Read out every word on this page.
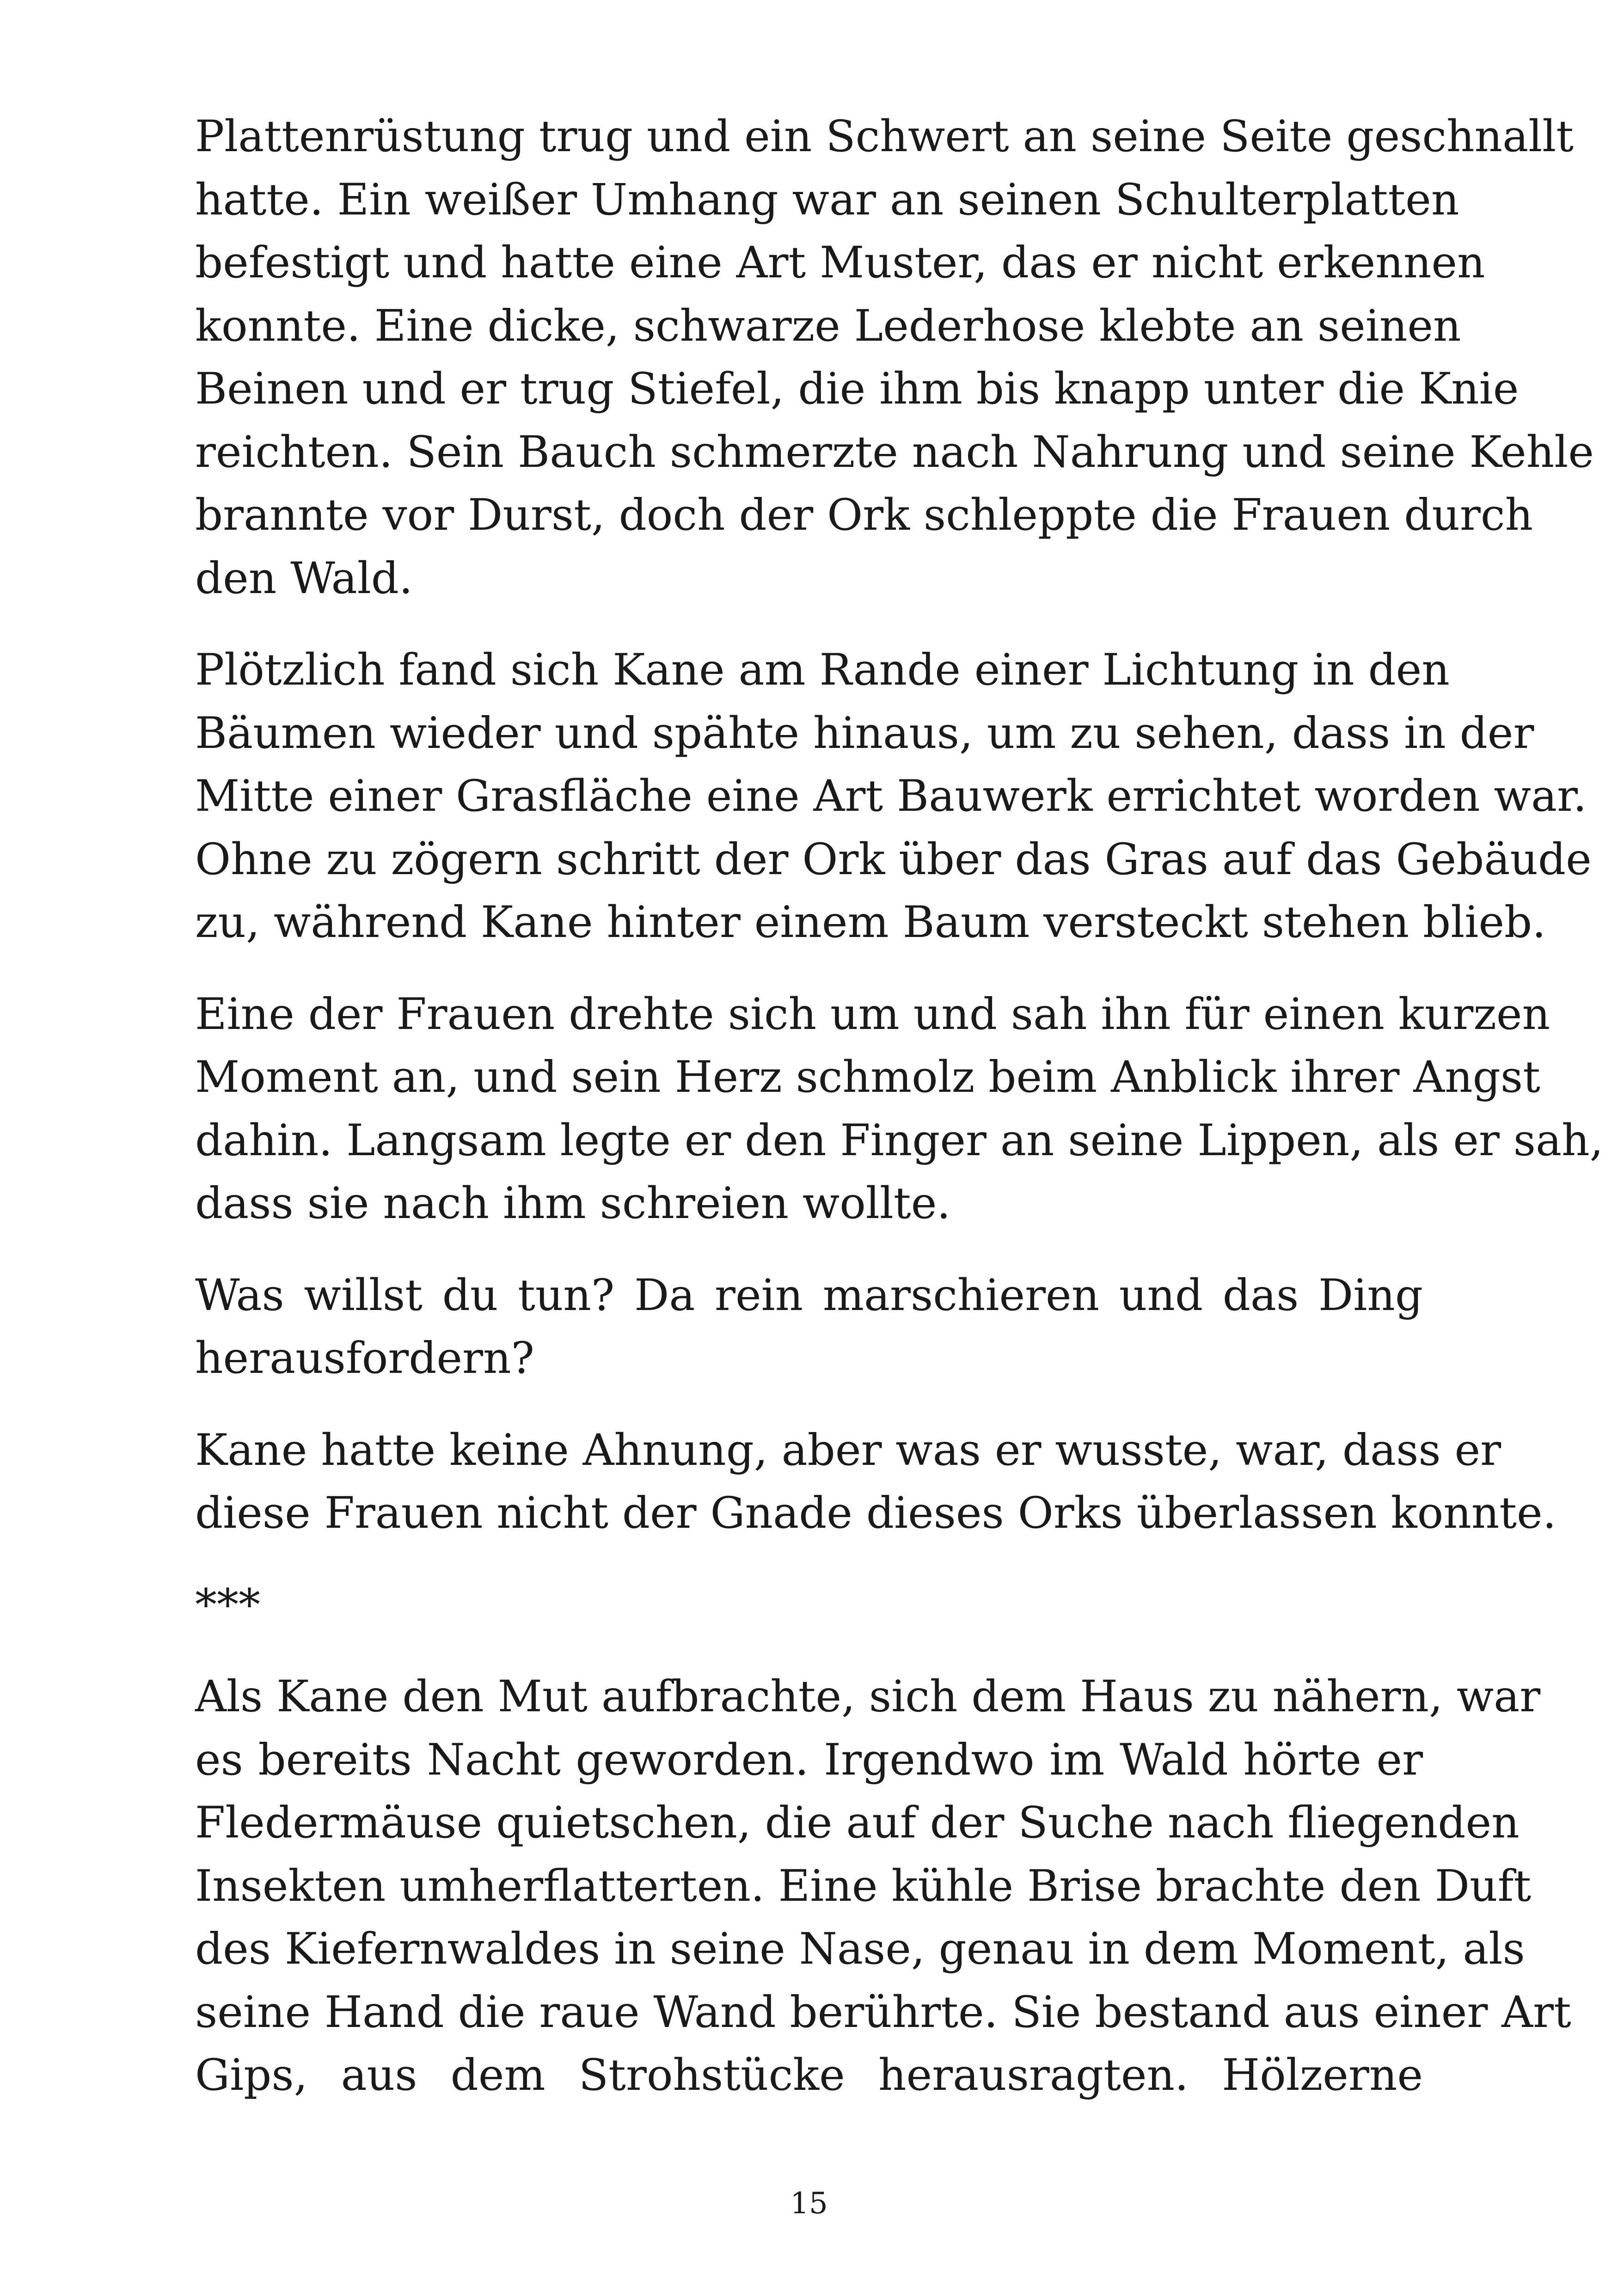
Plattenrüstung trug und ein Schwert an seine Seite geschnallt
hatte. Ein weißer Umhang war an seinen Schulterplatten
befestigt und hatte eine Art Muster, das er nicht erkennen
konnte. Eine dicke, schwarze Lederhose klebte an seinen
Beinen und er trug Stiefel, die ihm bis knapp unter die Knie
reichten. Sein Bauch schmerzte nach Nahrung und seine Kehle
brannte vor Durst, doch der Ork schleppte die Frauen durch
den Wald.
Plötzlich fand sich Kane am Rande einer Lichtung in den
Bäumen wieder und spähte hinaus, um zu sehen, dass in der
Mitte einer Grasfläche eine Art Bauwerk errichtet worden war.
Ohne zu zögern schritt der Ork über das Gras auf das Gebäude
zu, während Kane hinter einem Baum versteckt stehen blieb.
Eine der Frauen drehte sich um und sah ihn für einen kurzen
Moment an, und sein Herz schmolz beim Anblick ihrer Angst
dahin. Langsam legte er den Finger an seine Lippen, als er sah,
dass sie nach ihm schreien wollte.
Was willst du tun? Da rein marschieren und das Ding
herausfordern?
Kane hatte keine Ahnung, aber was er wusste, war, dass er
diese Frauen nicht der Gnade dieses Orks überlassen konnte.
***
Als Kane den Mut aufbrachte, sich dem Haus zu nähern, war
es bereits Nacht geworden. Irgendwo im Wald hörte er
Fledermäuse quietschen, die auf der Suche nach fliegenden
Insekten umherflatterten. Eine kühle Brise brachte den Duft
des Kiefernwaldes in seine Nase, genau in dem Moment, als
seine Hand die raue Wand berührte. Sie bestand aus einer Art
Gips, aus dem Strohstücke herausragten. Hölzerne
15
